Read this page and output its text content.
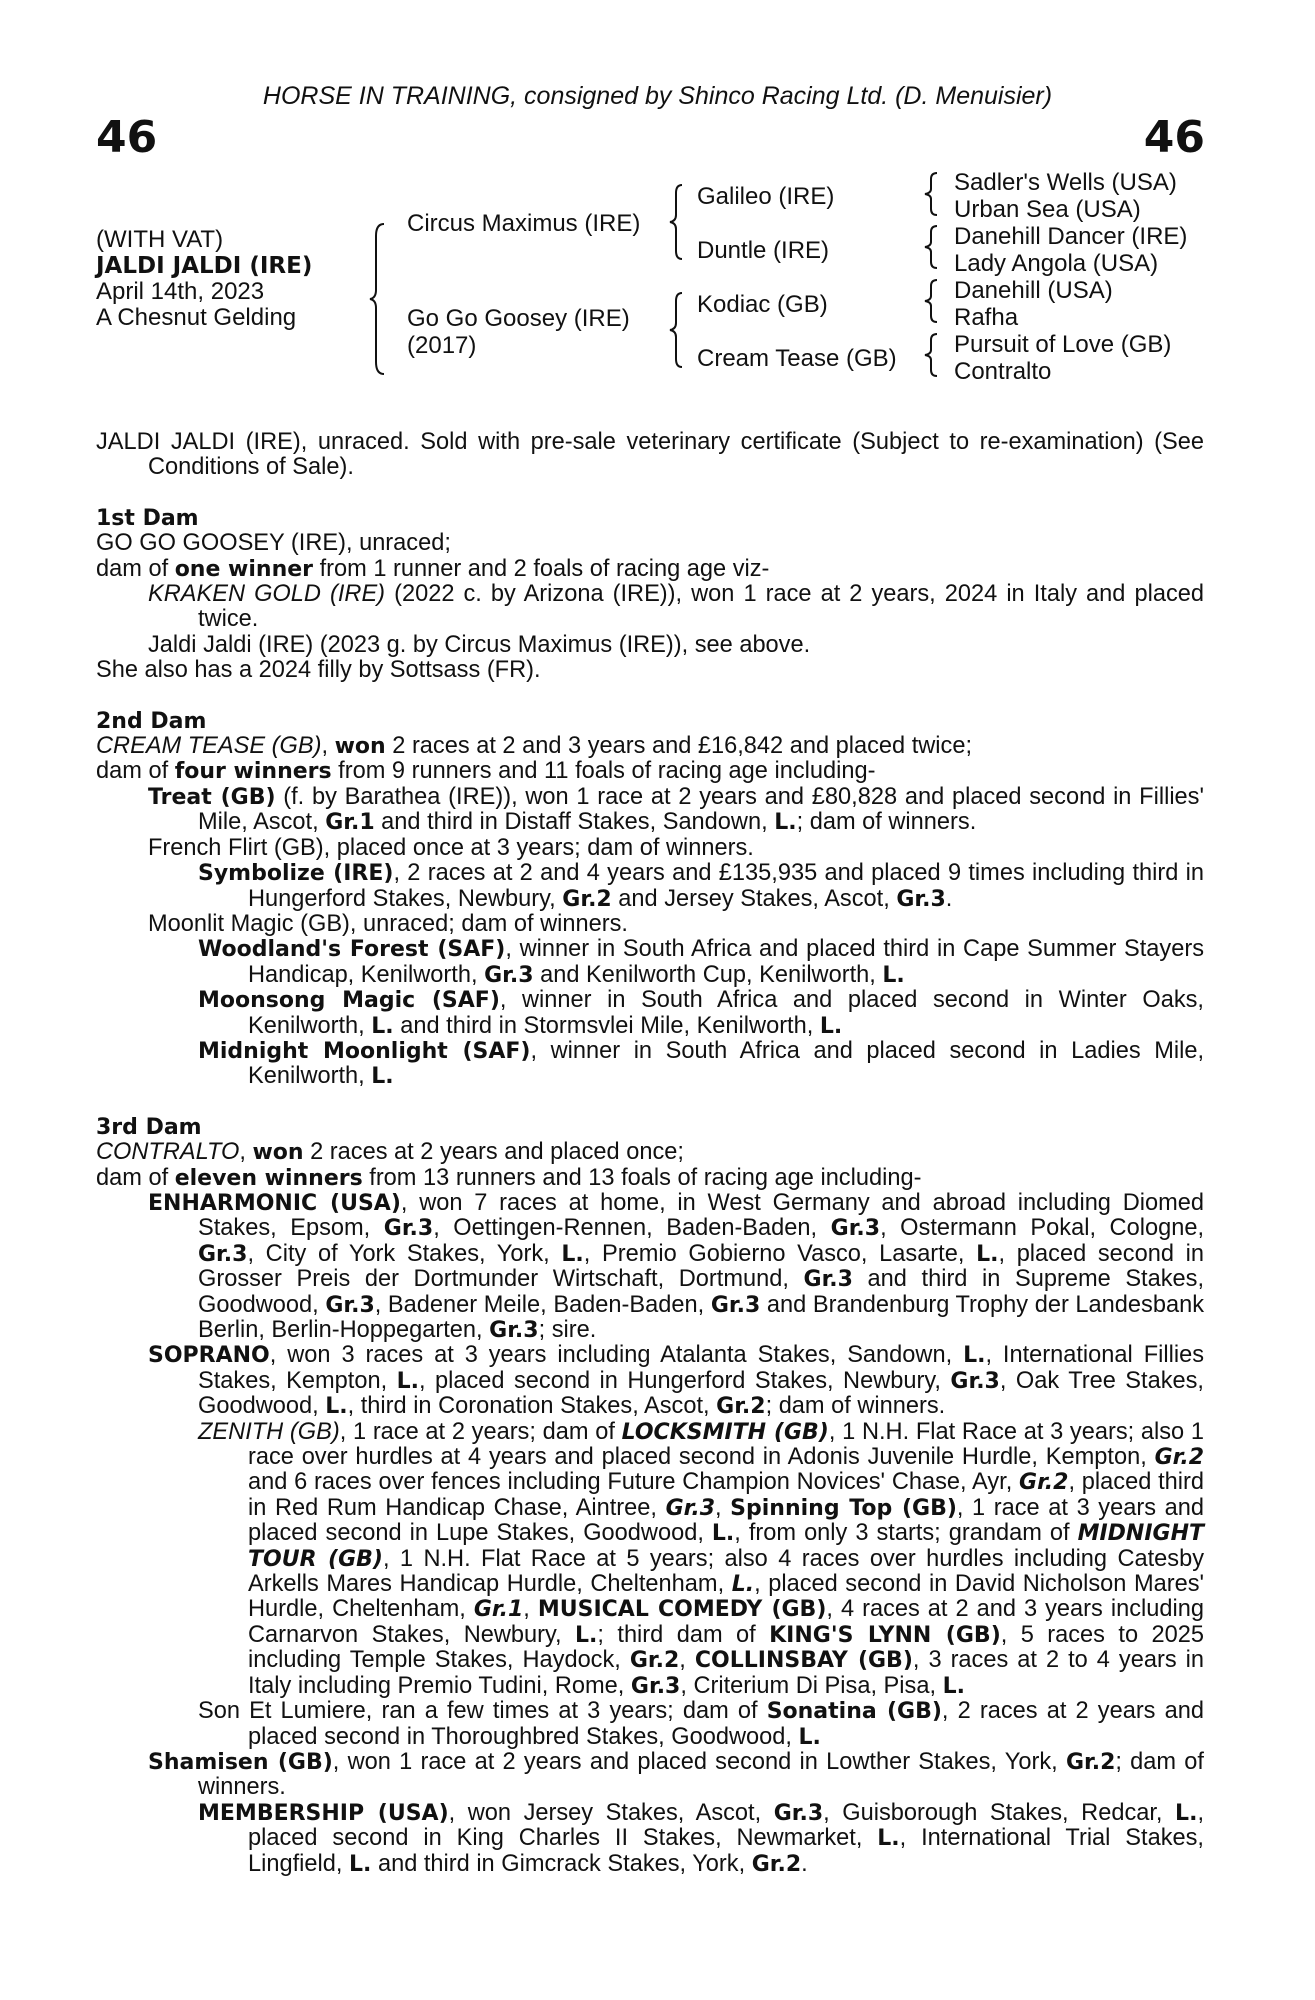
HORSE IN TRAINING, consigned by Shinco Racing Ltd. (D. Menuisier)
46	46
(WITH VAT)
JALDI JALDI (IRE)
April 14th, 2023
A Chesnut Gelding
Circus Maximus (IRE)
Go Go Goosey (IRE)
(2017)
Galileo (IRE)
Duntle (IRE)
Kodiac (GB)
Cream Tease (GB)
Sadler's Wells (USA)
Urban Sea (USA)
Danehill Dancer (IRE)
Lady Angola (USA)
Danehill (USA)
Rafha
Pursuit of Love (GB)
Contralto

JALDI JALDI (IRE), unraced. Sold with pre-sale veterinary certificate (Subject to re-examination) (See Conditions of Sale).

1st Dam

GO GO GOOSEY (IRE), unraced;

dam of one winner from 1 runner and 2 foals of racing age viz-

KRAKEN GOLD (IRE) (2022 c. by Arizona (IRE)), won 1 race at 2 years, 2024 in Italy and placed twice.

Jaldi Jaldi (IRE) (2023 g. by Circus Maximus (IRE)), see above.

She also has a 2024 filly by Sottsass (FR).

2nd Dam

CREAM TEASE (GB), won 2 races at 2 and 3 years and £16,842 and placed twice;

dam of four winners from 9 runners and 11 foals of racing age including-

Treat (GB) (f. by Barathea (IRE)), won 1 race at 2 years and £80,828 and placed second in Fillies' Mile, Ascot, Gr.1 and third in Distaff Stakes, Sandown, L.; dam of winners.

French Flirt (GB), placed once at 3 years; dam of winners.

Symbolize (IRE), 2 races at 2 and 4 years and £135,935 and placed 9 times including third in Hungerford Stakes, Newbury, Gr.2 and Jersey Stakes, Ascot, Gr.3.

Moonlit Magic (GB), unraced; dam of winners.

Woodland's Forest (SAF), winner in South Africa and placed third in Cape Summer Stayers Handicap, Kenilworth, Gr.3 and Kenilworth Cup, Kenilworth, L.

Moonsong Magic (SAF), winner in South Africa and placed second in Winter Oaks, Kenilworth, L. and third in Stormsvlei Mile, Kenilworth, L.

Midnight Moonlight (SAF), winner in South Africa and placed second in Ladies Mile, Kenilworth, L.

3rd Dam

CONTRALTO, won 2 races at 2 years and placed once;

dam of eleven winners from 13 runners and 13 foals of racing age including-

ENHARMONIC (USA), won 7 races at home, in West Germany and abroad including Diomed Stakes, Epsom, Gr.3, Oettingen-Rennen, Baden-Baden, Gr.3, Ostermann Pokal, Cologne, Gr.3, City of York Stakes, York, L., Premio Gobierno Vasco, Lasarte, L., placed second in Grosser Preis der Dortmunder Wirtschaft, Dortmund, Gr.3 and third in Supreme Stakes, Goodwood, Gr.3, Badener Meile, Baden-Baden, Gr.3 and Brandenburg Trophy der Landesbank Berlin, Berlin-Hoppegarten, Gr.3; sire.

SOPRANO, won 3 races at 3 years including Atalanta Stakes, Sandown, L., International Fillies Stakes, Kempton, L., placed second in Hungerford Stakes, Newbury, Gr.3, Oak Tree Stakes, Goodwood, L., third in Coronation Stakes, Ascot, Gr.2; dam of winners.

ZENITH (GB), 1 race at 2 years; dam of LOCKSMITH (GB), 1 N.H. Flat Race at 3 years; also 1 race over hurdles at 4 years and placed second in Adonis Juvenile Hurdle, Kempton, Gr.2 and 6 races over fences including Future Champion Novices' Chase, Ayr, Gr.2, placed third in Red Rum Handicap Chase, Aintree, Gr.3, Spinning Top (GB), 1 race at 3 years and placed second in Lupe Stakes, Goodwood, L., from only 3 starts; grandam of MIDNIGHT TOUR (GB), 1 N.H. Flat Race at 5 years; also 4 races over hurdles including Catesby Arkells Mares Handicap Hurdle, Cheltenham, L., placed second in David Nicholson Mares' Hurdle, Cheltenham, Gr.1, MUSICAL COMEDY (GB), 4 races at 2 and 3 years including Carnarvon Stakes, Newbury, L.; third dam of KING'S LYNN (GB), 5 races to 2025 including Temple Stakes, Haydock, Gr.2, COLLINSBAY (GB), 3 races at 2 to 4 years in Italy including Premio Tudini, Rome, Gr.3, Criterium Di Pisa, Pisa, L.

Son Et Lumiere, ran a few times at 3 years; dam of Sonatina (GB), 2 races at 2 years and placed second in Thoroughbred Stakes, Goodwood, L.

Shamisen (GB), won 1 race at 2 years and placed second in Lowther Stakes, York, Gr.2; dam of winners.

MEMBERSHIP (USA), won Jersey Stakes, Ascot, Gr.3, Guisborough Stakes, Redcar, L., placed second in King Charles II Stakes, Newmarket, L., International Trial Stakes, Lingfield, L. and third in Gimcrack Stakes, York, Gr.2.
